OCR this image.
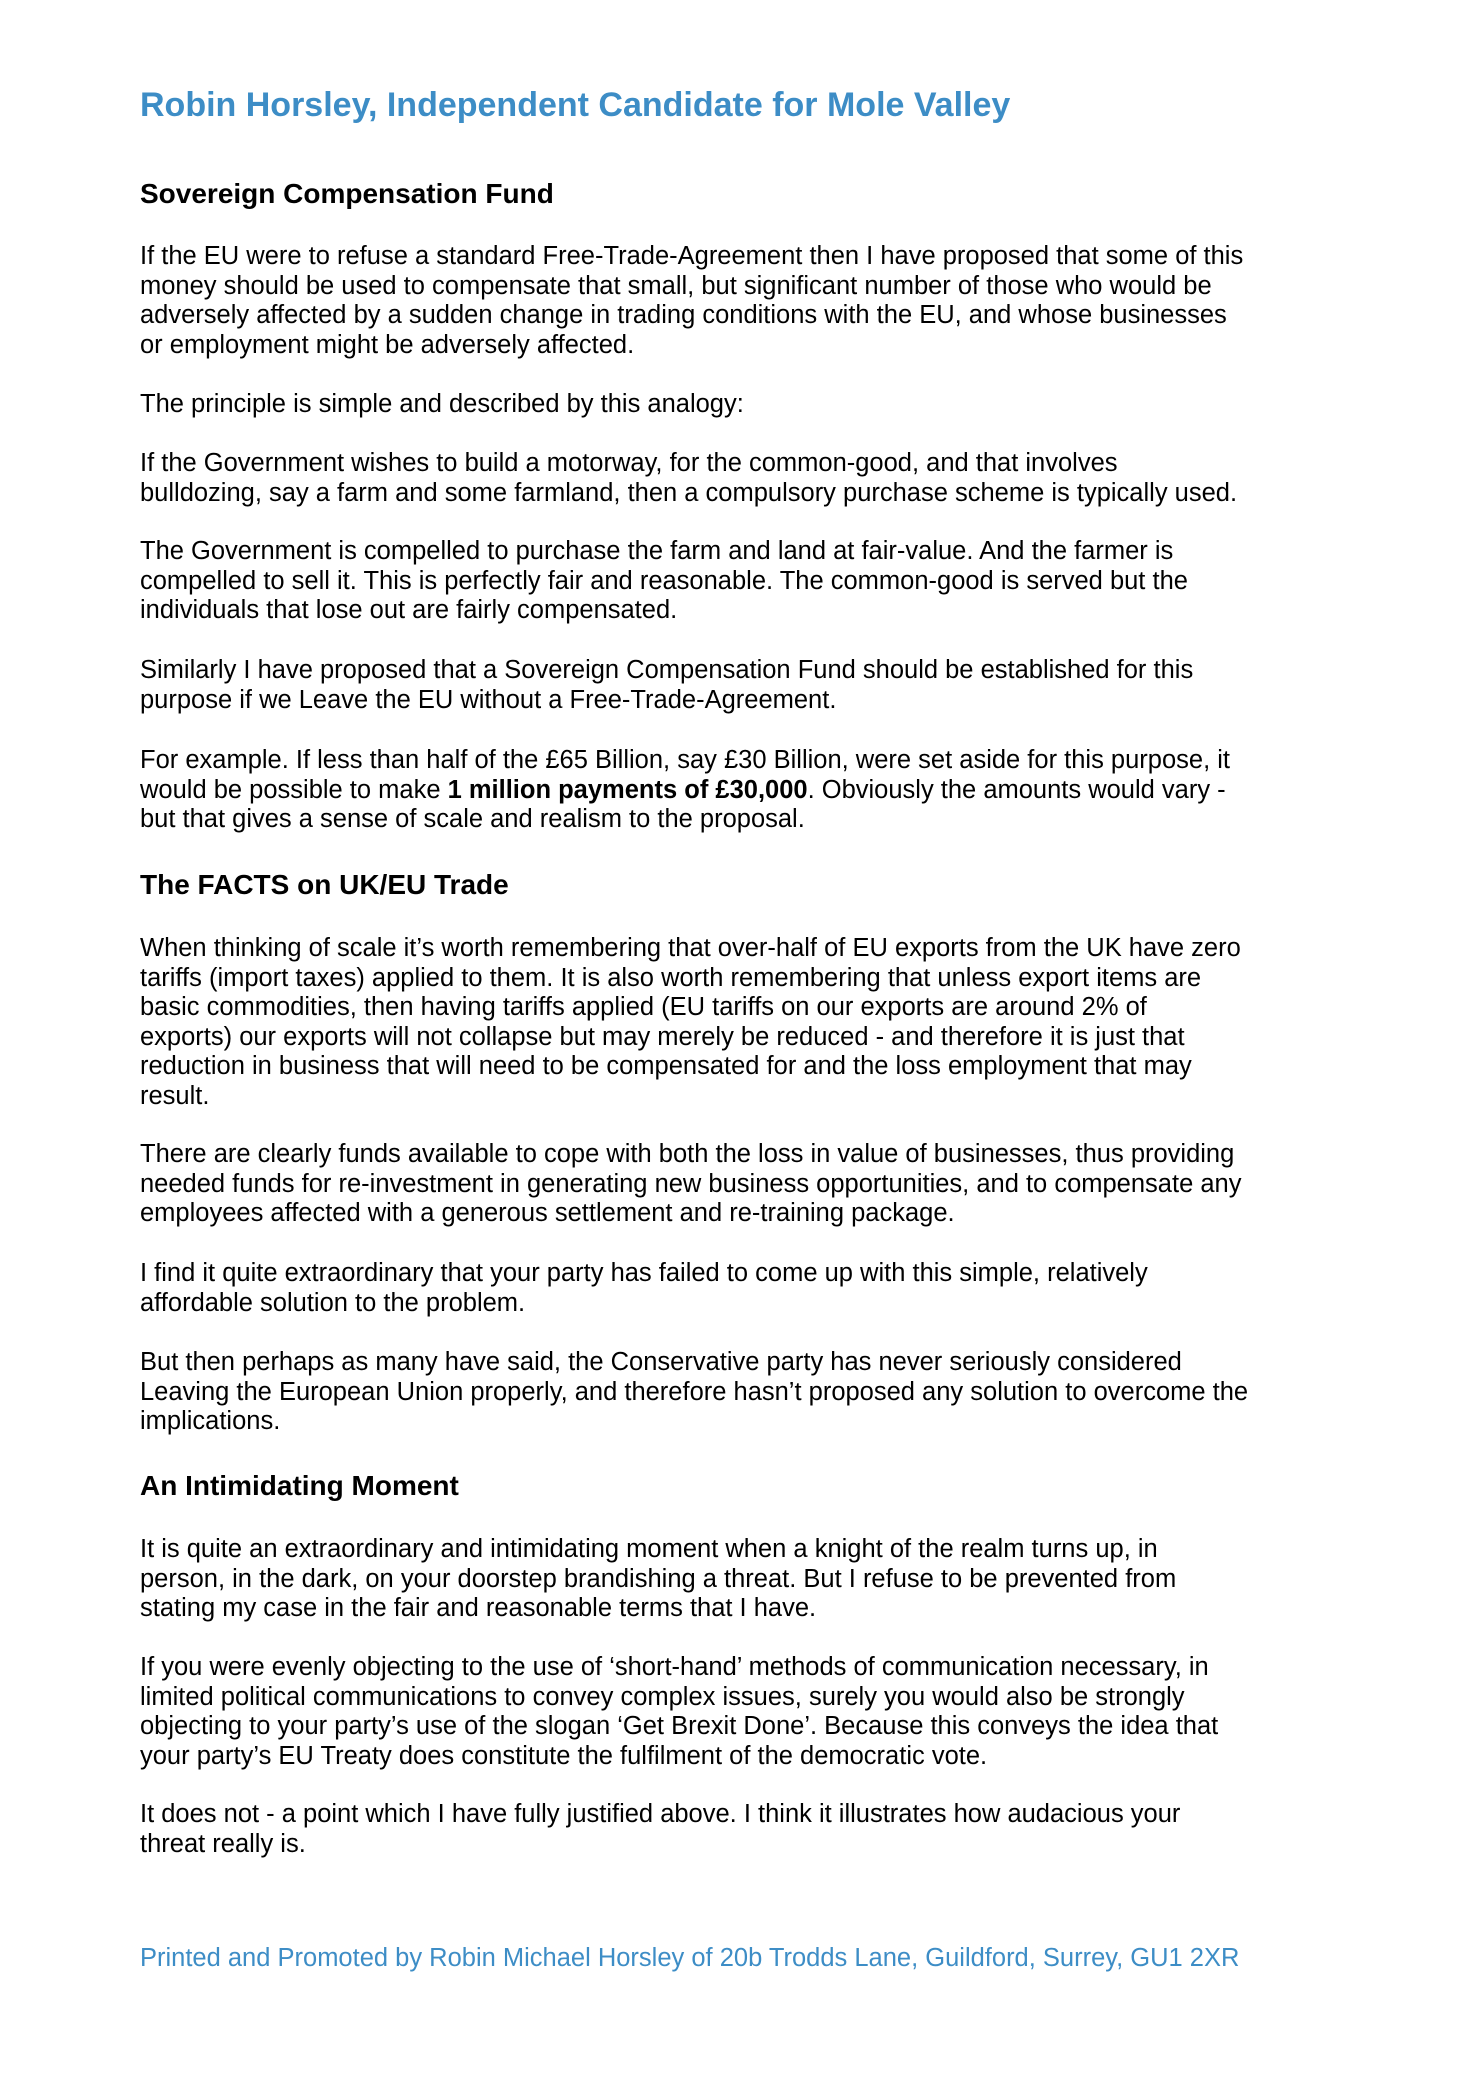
Robin Horsley, Independent Candidate for Mole Valley
Sovereign Compensation Fund

If the EU were to refuse a standard Free-Trade-Agreement then I have proposed that some of this
money should be used to compensate that small, but significant number of those who would be
adversely affected by a sudden change in trading conditions with the EU, and whose businesses
or employment might be adversely affected.

The principle is simple and described by this analogy:

If the Government wishes to build a motorway, for the common-good, and that involves
bulldozing, say a farm and some farmland, then a compulsory purchase scheme is typically used.

The Government is compelled to purchase the farm and land at fair-value. And the farmer is
compelled to sell it. This is perfectly fair and reasonable. The common-good is served but the
individuals that lose out are fairly compensated.

Similarly I have proposed that a Sovereign Compensation Fund should be established for this
purpose if we Leave the EU without a Free-Trade-Agreement.

For example. If less than half of the £65 Billion, say £30 Billion, were set aside for this purpose, it
would be possible to make 1 million payments of £30,000. Obviously the amounts would vary -
but that gives a sense of scale and realism to the proposal.

The FACTS on UK/EU Trade

When thinking of scale it’s worth remembering that over-half of EU exports from the UK have zero
tariffs (import taxes) applied to them. It is also worth remembering that unless export items are
basic commodities, then having tariffs applied (EU tariffs on our exports are around 2% of
exports) our exports will not collapse but may merely be reduced - and therefore it is just that
reduction in business that will need to be compensated for and the loss employment that may
result.

There are clearly funds available to cope with both the loss in value of businesses, thus providing
needed funds for re-investment in generating new business opportunities, and to compensate any
employees affected with a generous settlement and re-training package.

I find it quite extraordinary that your party has failed to come up with this simple, relatively
affordable solution to the problem.

But then perhaps as many have said, the Conservative party has never seriously considered
Leaving the European Union properly, and therefore hasn’t proposed any solution to overcome the
implications.

An Intimidating Moment

It is quite an extraordinary and intimidating moment when a knight of the realm turns up, in
person, in the dark, on your doorstep brandishing a threat. But I refuse to be prevented from
stating my case in the fair and reasonable terms that I have.

If you were evenly objecting to the use of ‘short-hand’ methods of communication necessary, in
limited political communications to convey complex issues, surely you would also be strongly
objecting to your party’s use of the slogan ‘Get Brexit Done’. Because this conveys the idea that
your party’s EU Treaty does constitute the fulfilment of the democratic vote.

It does not - a point which I have fully justified above. I think it illustrates how audacious your
threat really is.

Printed and Promoted by Robin Michael Horsley of 20b Trodds Lane, Guildford, Surrey, GU1 2XR
